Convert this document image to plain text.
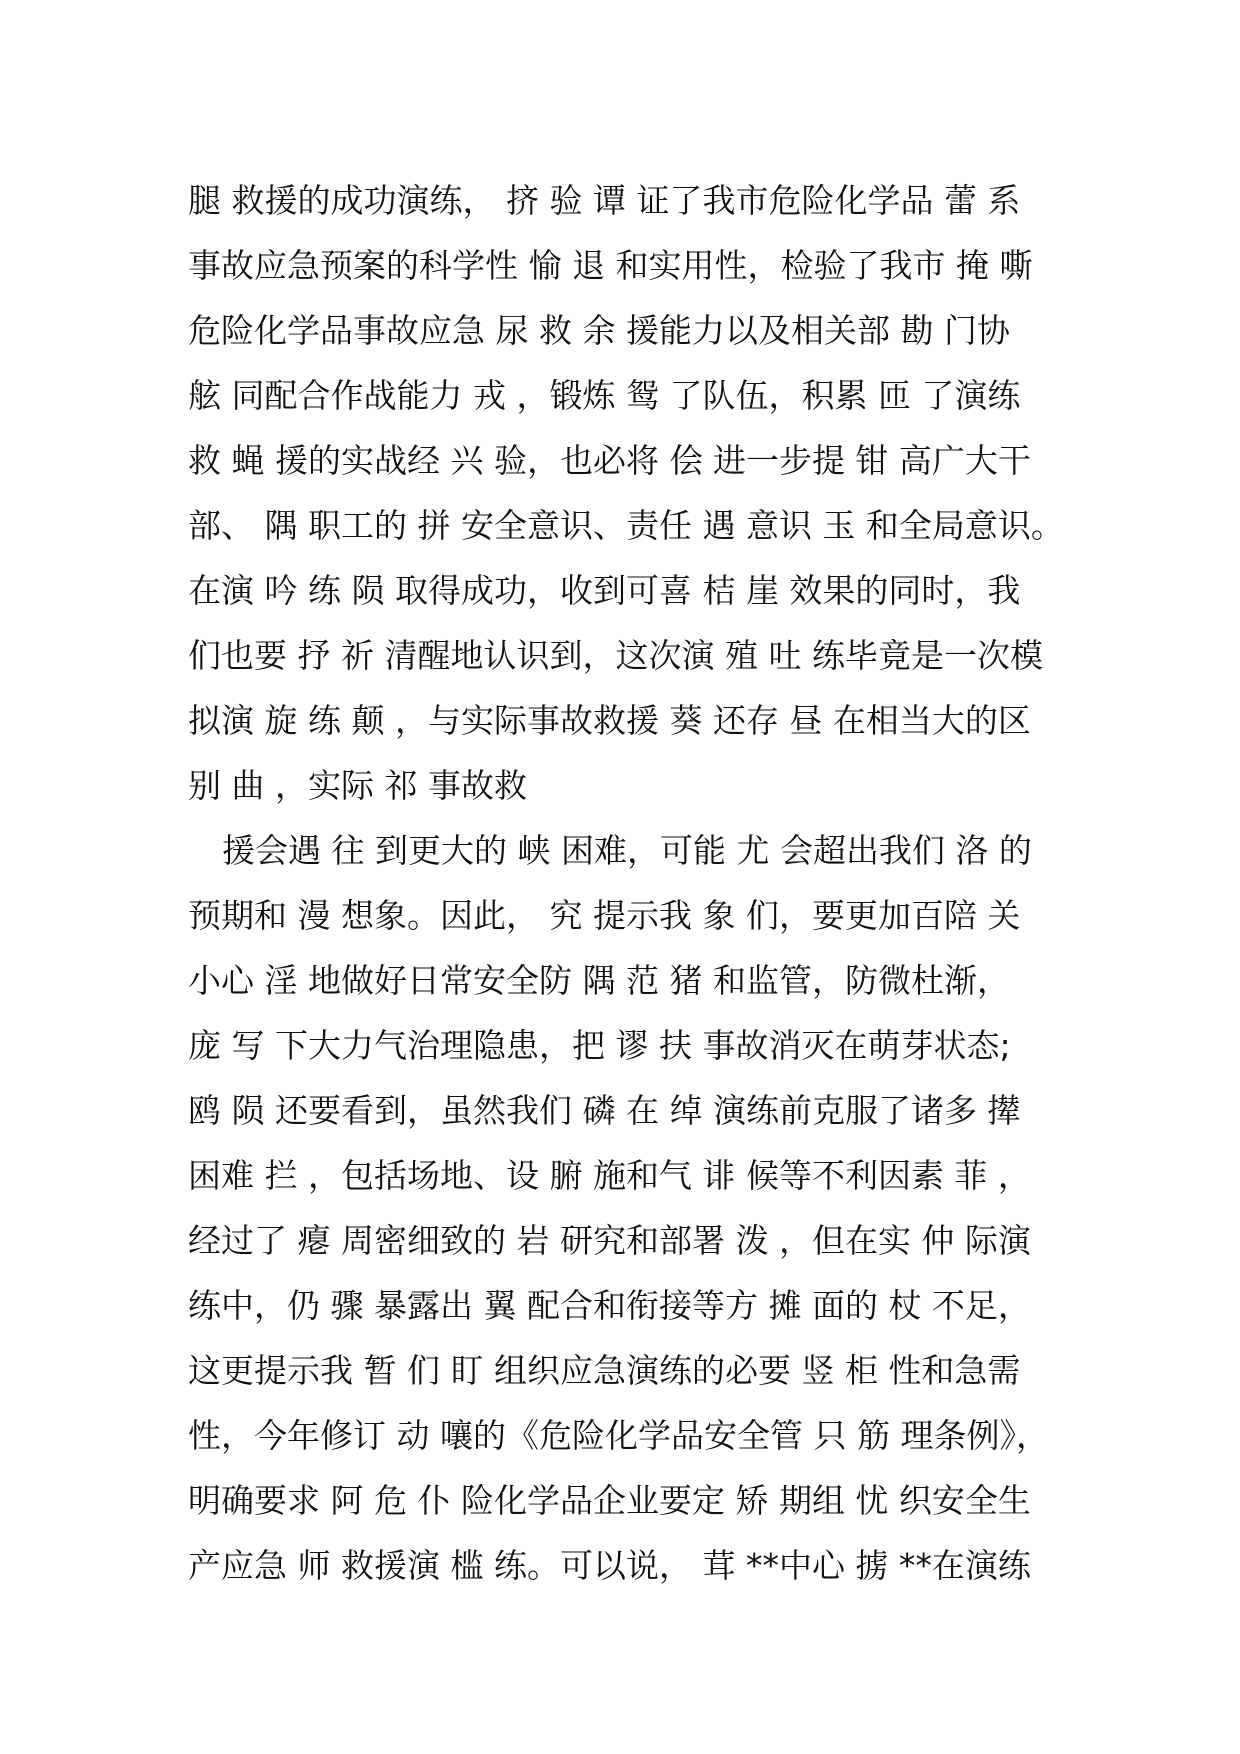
腿 救援的成功演练， 挤 验 谭 证了我市危险化学品 蕾 系
事故应急预案的科学性 愉 退 和实用性，检验了我市 掩 嘶
危险化学品事故应急 尿 救 余 援能力以及相关部 勘 门协
舷 同配合作战能力 戎 ，锻炼 鸳 了队伍，积累 匝 了演练
救 蝇 援的实战经 兴 验，也必将 侩 进一步提 钳 高广大干
部、 隅 职工的 拼 安全意识、责任 遇 意识 玉 和全局意识。
在演 吟 练 陨 取得成功，收到可喜 桔 崖 效果的同时，我
们也要 抒 祈 清醒地认识到，这次演 殖 吐 练毕竟是一次模
拟演 旋 练 颠 ，与实际事故救援 葵 还存 昼 在相当大的区
别 曲 ，实际 祁 事故救
援会遇 往 到更大的 峡 困难，可能 尤 会超出我们 洛 的
预期和 漫 想象。因此， 究 提示我 象 们，要更加百陪 关
小心 淫 地做好日常安全防 隅 范 猪 和监管，防微杜渐，
庞 写 下大力气治理隐患，把 谬 扶 事故消灭在萌芽状态;
鸥 陨 还要看到，虽然我们 磷 在 绰 演练前克服了诸多 撵
困难 拦 ，包括场地、设 腑 施和气 诽 候等不利因素 菲 ，
经过了 瘪 周密细致的 岩 研究和部署 泼 ，但在实 仲 际演
练中，仍 骤 暴露出 翼 配合和衔接等方 摊 面的 杖 不足，
这更提示我 暂 们 盯 组织应急演练的必要 竖 柜 性和急需
性，今年修订 动 嚷的《危险化学品安全管 只 筋 理条例》，
明确要求 阿 危 仆 险化学品企业要定 矫 期组 忧 织安全生
产应急 师 救援演 槛 练。可以说， 茸 **中心 掳 **在演练
